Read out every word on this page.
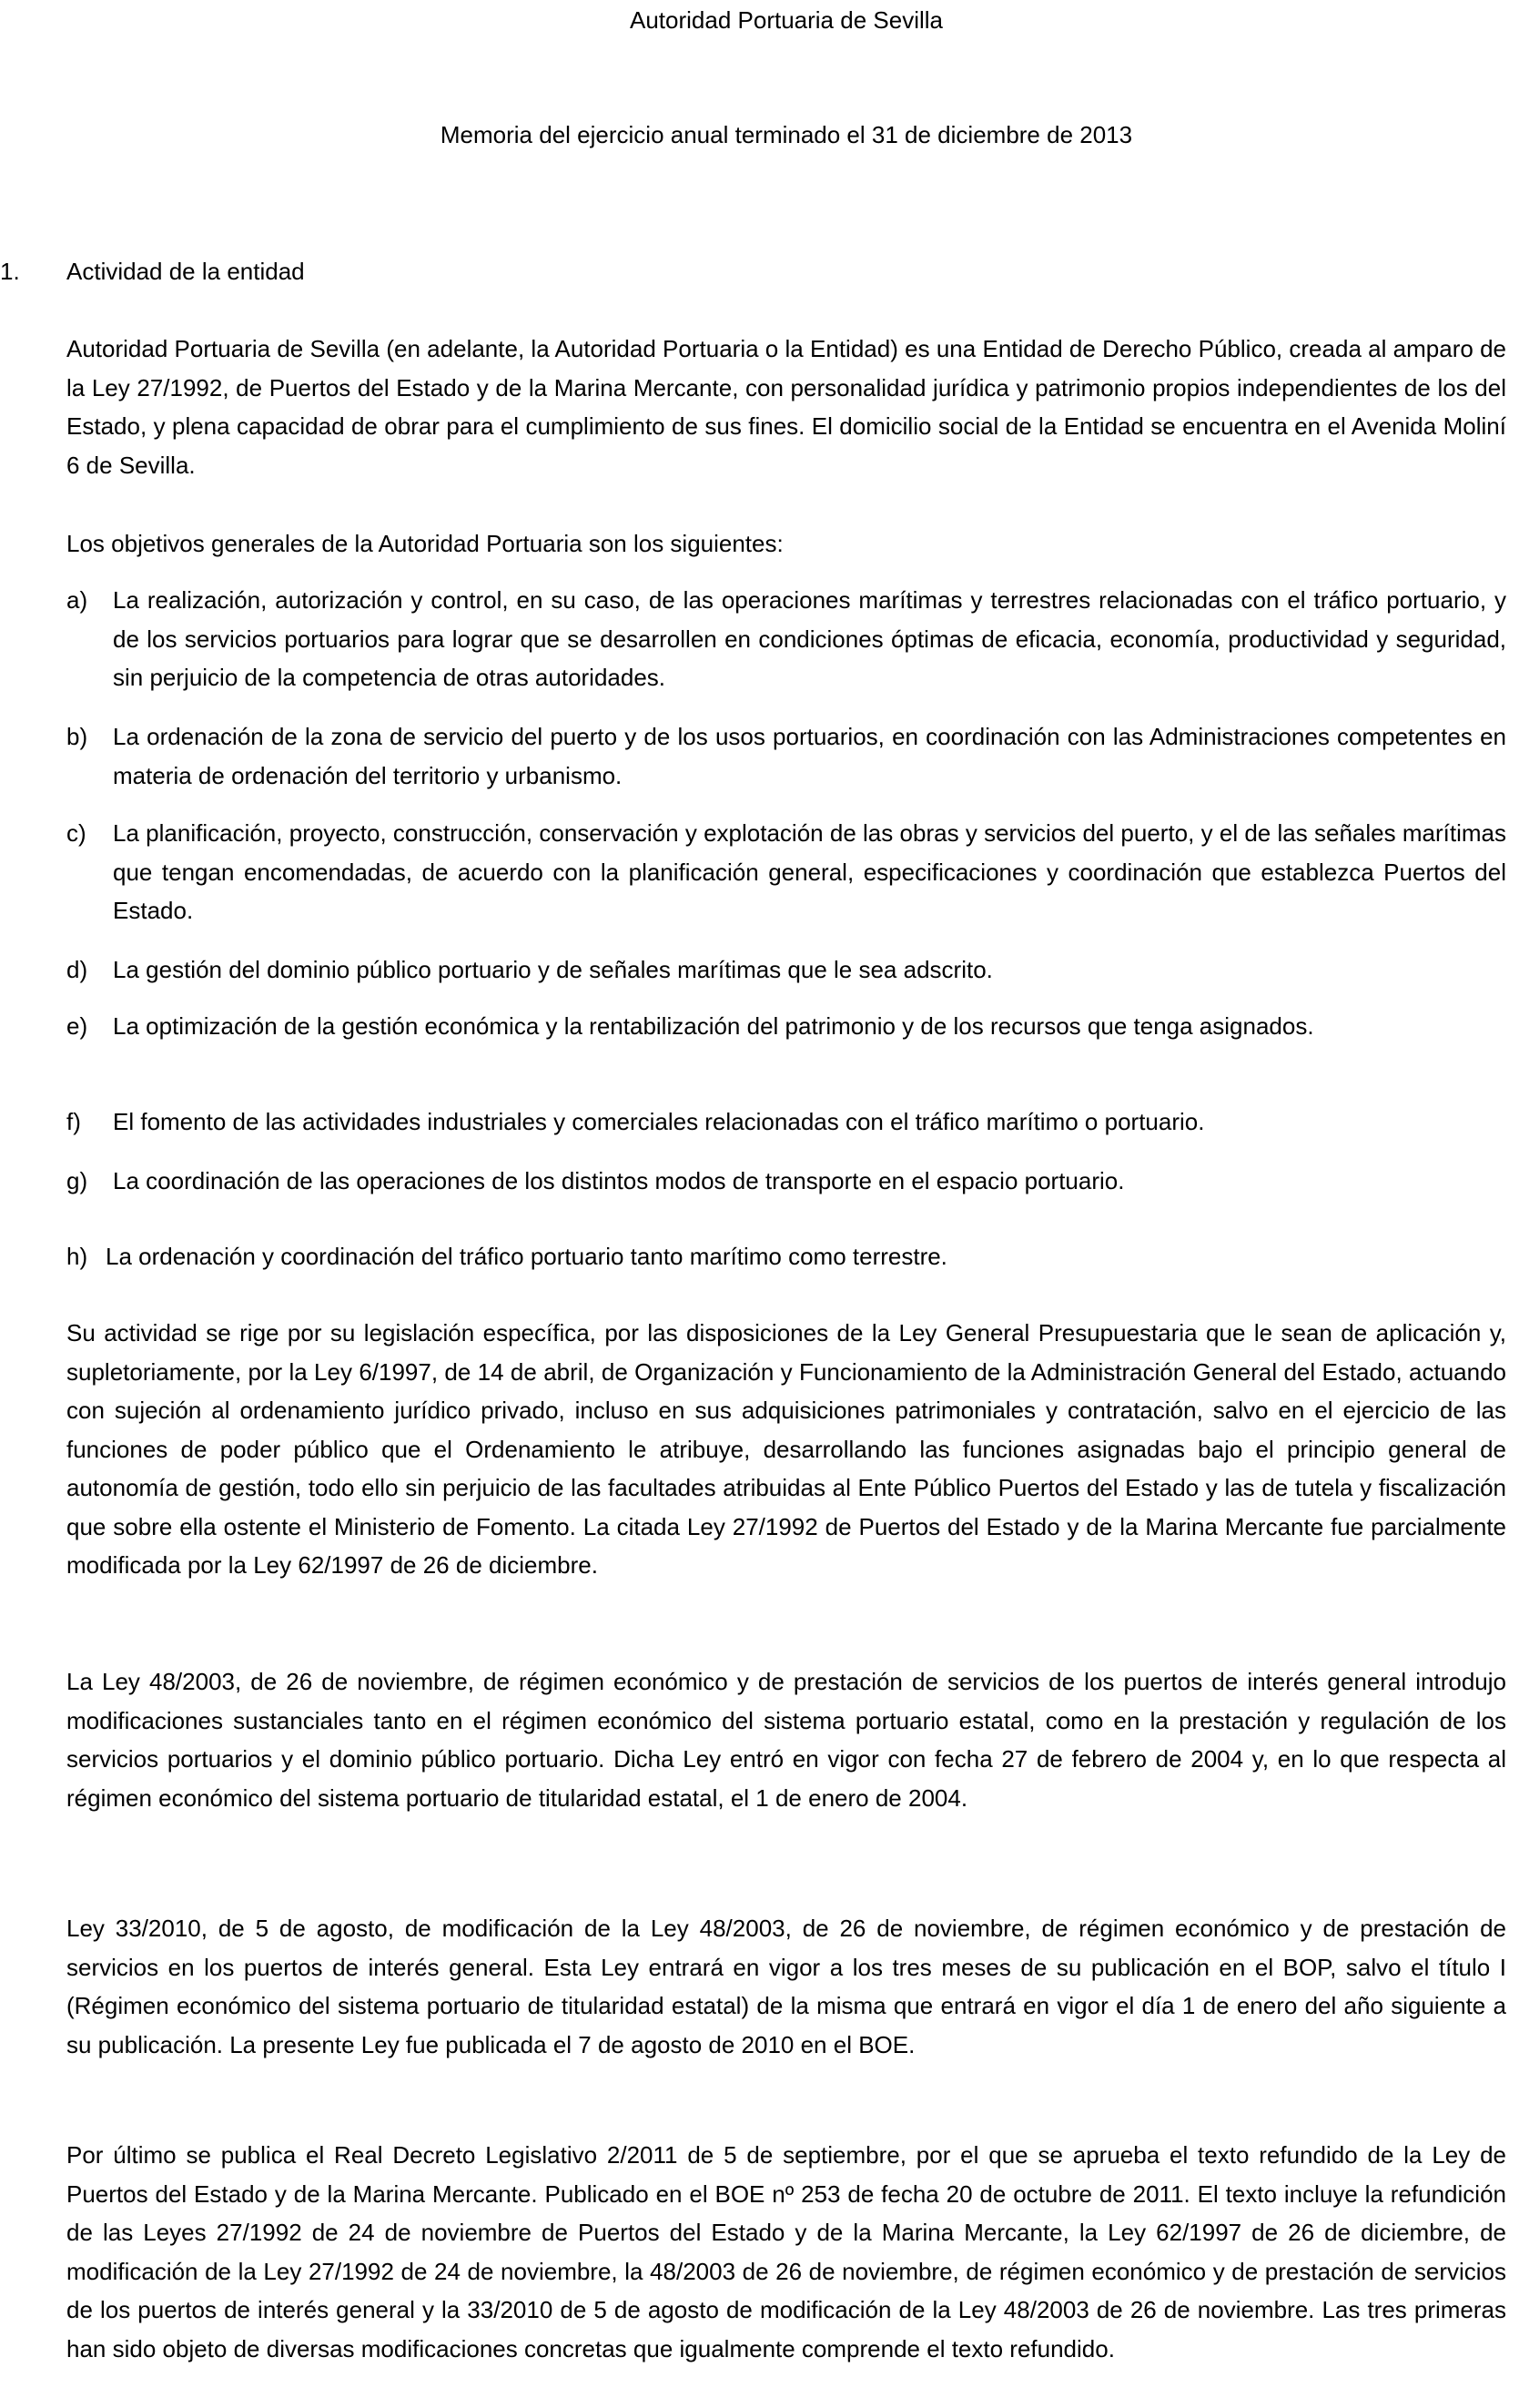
Autoridad Portuaria de Sevilla
Memoria del ejercicio anual terminado el 31 de diciembre de 2013
1. Actividad de la entidad

Autoridad Portuaria de Sevilla (en adelante, la Autoridad Portuaria o la Entidad) es una Entidad de Derecho Público, creada al amparo de la Ley 27/1992, de Puertos del Estado y de la Marina Mercante, con personalidad jurídica y patrimonio propios independientes de los del Estado, y plena capacidad de obrar para el cumplimiento de sus fines. El domicilio social de la Entidad se encuentra en el Avenida Moliní 6 de Sevilla.

Los objetivos generales de la Autoridad Portuaria son los siguientes:

a) La realización, autorización y control, en su caso, de las operaciones marítimas y terrestres relacionadas con el tráfico portuario, y de los servicios portuarios para lograr que se desarrollen en condiciones óptimas de eficacia, economía, productividad y seguridad, sin perjuicio de la competencia de otras autoridades.
b) La ordenación de la zona de servicio del puerto y de los usos portuarios, en coordinación con las Administraciones competentes en materia de ordenación del territorio y urbanismo.
c) La planificación, proyecto, construcción, conservación y explotación de las obras y servicios del puerto, y el de las señales marítimas que tengan encomendadas, de acuerdo con la planificación general, especificaciones y coordinación que establezca Puertos del Estado.
d) La gestión del dominio público portuario y de señales marítimas que le sea adscrito.
e) La optimización de la gestión económica y la rentabilización del patrimonio y de los recursos que tenga asignados.
f) El fomento de las actividades industriales y comerciales relacionadas con el tráfico marítimo o portuario.
g) La coordinación de las operaciones de los distintos modos de transporte en el espacio portuario.
h) La ordenación y coordinación del tráfico portuario tanto marítimo como terrestre.

Su actividad se rige por su legislación específica, por las disposiciones de la Ley General Presupuestaria que le sean de aplicación y, supletoriamente, por la Ley 6/1997, de 14 de abril, de Organización y Funcionamiento de la Administración General del Estado, actuando con sujeción al ordenamiento jurídico privado, incluso en sus adquisiciones patrimoniales y contratación, salvo en el ejercicio de las funciones de poder público que el Ordenamiento le atribuye, desarrollando las funciones asignadas bajo el principio general de autonomía de gestión, todo ello sin perjuicio de las facultades atribuidas al Ente Público Puertos del Estado y las de tutela y fiscalización que sobre ella ostente el Ministerio de Fomento. La citada Ley 27/1992 de Puertos del Estado y de la Marina Mercante fue parcialmente modificada por la Ley 62/1997 de 26 de diciembre.

La Ley 48/2003, de 26 de noviembre, de régimen económico y de prestación de servicios de los puertos de interés general introdujo modificaciones sustanciales tanto en el régimen económico del sistema portuario estatal, como en la prestación y regulación de los servicios portuarios y el dominio público portuario. Dicha Ley entró en vigor con fecha 27 de febrero de 2004 y, en lo que respecta al régimen económico del sistema portuario de titularidad estatal, el 1 de enero de 2004.

Ley 33/2010, de 5 de agosto, de modificación de la Ley 48/2003, de 26 de noviembre, de régimen económico y de prestación de servicios en los puertos de interés general. Esta Ley entrará en vigor a los tres meses de su publicación en el BOP, salvo el título I (Régimen económico del sistema portuario de titularidad estatal) de la misma que entrará en vigor el día 1 de enero del año siguiente a su publicación. La presente Ley fue publicada el 7 de agosto de 2010 en el BOE.

Por último se publica el Real Decreto Legislativo 2/2011 de 5 de septiembre, por el que se aprueba el texto refundido de la Ley de Puertos del Estado y de la Marina Mercante. Publicado en el BOE nº 253 de fecha 20 de octubre de 2011. El texto incluye la refundición de las Leyes 27/1992 de 24 de noviembre de Puertos del Estado y de la Marina Mercante, la Ley 62/1997 de 26 de diciembre, de modificación de la Ley 27/1992 de 24 de noviembre, la 48/2003 de 26 de noviembre, de régimen económico y de prestación de servicios de los puertos de interés general y la 33/2010 de 5 de agosto de modificación de la Ley 48/2003 de 26 de noviembre. Las tres primeras han sido objeto de diversas modificaciones concretas que igualmente comprende el texto refundido.
